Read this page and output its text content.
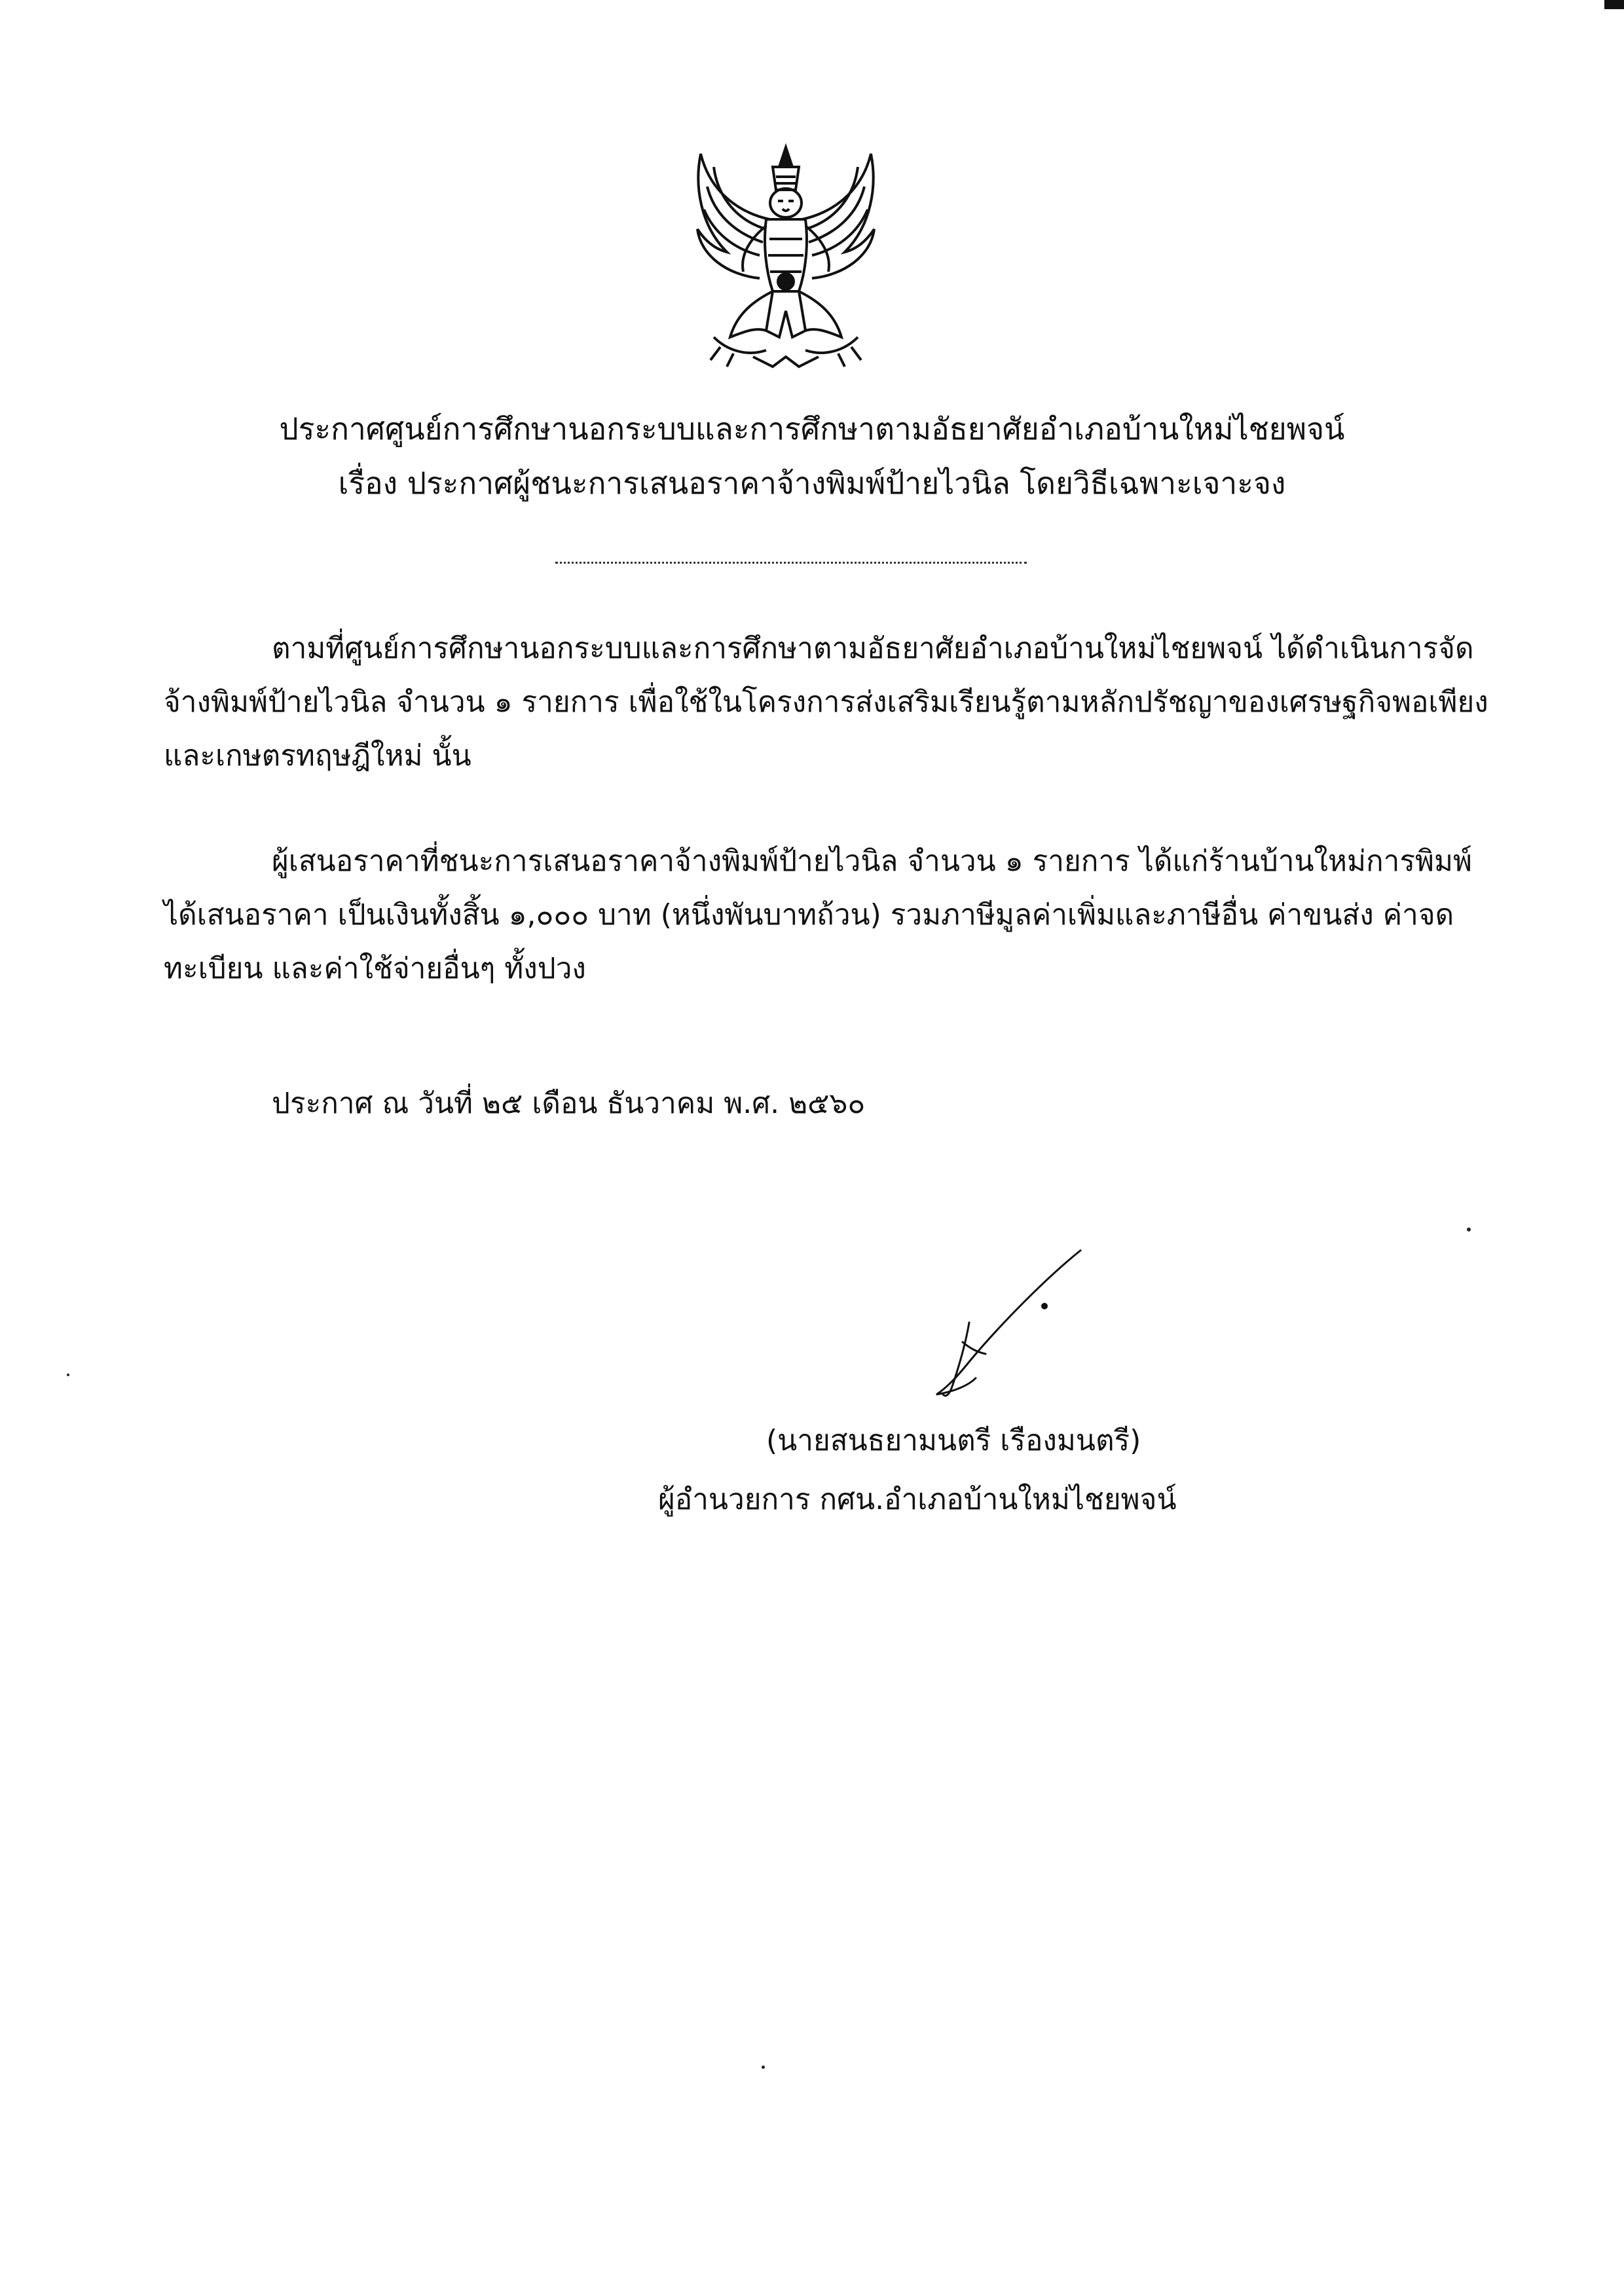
ประกาศศูนย์การศึกษานอกระบบและการศึกษาตามอัธยาศัยอำเภอบ้านใหม่ไชยพจน์
เรื่อง ประกาศผู้ชนะการเสนอราคาจ้างพิมพ์ป้ายไวนิล โดยวิธีเฉพาะเจาะจง
ตามที่ศูนย์การศึกษานอกระบบและการศึกษาตามอัธยาศัยอำเภอบ้านใหม่ไชยพจน์ ได้ดำเนินการจัด
จ้างพิมพ์ป้ายไวนิล จำนวน ๑ รายการ เพื่อใช้ในโครงการส่งเสริมเรียนรู้ตามหลักปรัชญาของเศรษฐกิจพอเพียง
และเกษตรทฤษฎีใหม่ นั้น
ผู้เสนอราคาที่ชนะการเสนอราคาจ้างพิมพ์ป้ายไวนิล จำนวน ๑ รายการ ได้แก่ร้านบ้านใหม่การพิมพ์
ได้เสนอราคา เป็นเงินทั้งสิ้น ๑,๐๐๐ บาท (หนึ่งพันบาทถ้วน) รวมภาษีมูลค่าเพิ่มและภาษีอื่น ค่าขนส่ง ค่าจด
ทะเบียน และค่าใช้จ่ายอื่นๆ ทั้งปวง
ประกาศ ณ วันที่ ๒๕ เดือน ธันวาคม พ.ศ. ๒๕๖๐
(นายสนธยามนตรี เรืองมนตรี)
ผู้อำนวยการ กศน.อำเภอบ้านใหม่ไชยพจน์
